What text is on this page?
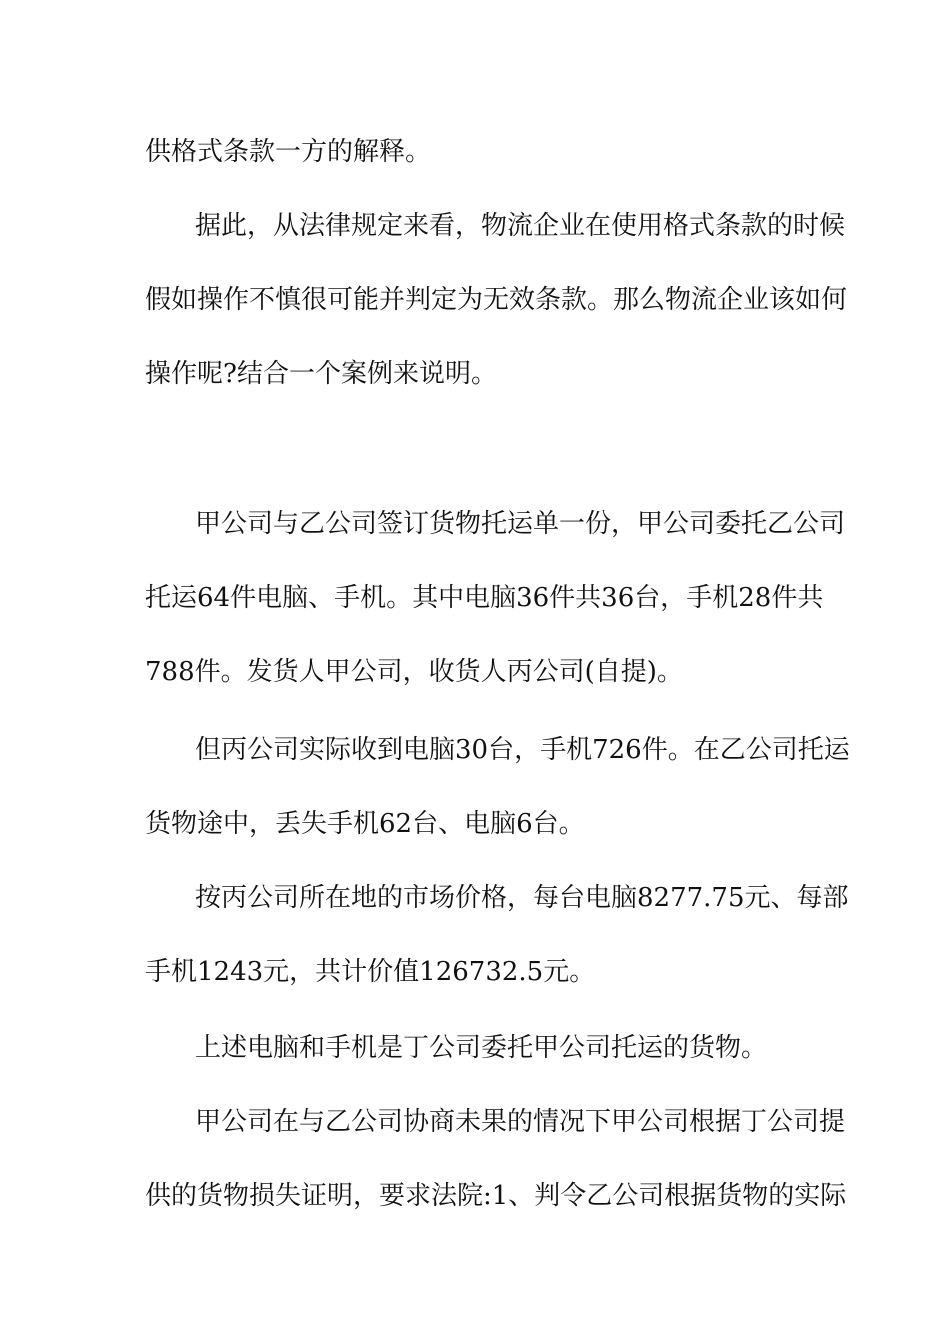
供格式条款一方的解释。

据此，从法律规定来看，物流企业在使用格式条款的时候

假如操作不慎很可能并判定为无效条款。那么物流企业该如何

操作呢?结合一个案例来说明。

甲公司与乙公司签订货物托运单一份，甲公司委托乙公司

托运64件电脑、手机。其中电脑36件共36台，手机28件共

788件。发货人甲公司，收货人丙公司(自提)。

但丙公司实际收到电脑30台，手机726件。在乙公司托运

货物途中，丢失手机62台、电脑6台。

按丙公司所在地的市场价格，每台电脑8277.75元、每部

手机1243元，共计价值126732.5元。

上述电脑和手机是丁公司委托甲公司托运的货物。

甲公司在与乙公司协商未果的情况下甲公司根据丁公司提

供的货物损失证明，要求法院:1、判令乙公司根据货物的实际
